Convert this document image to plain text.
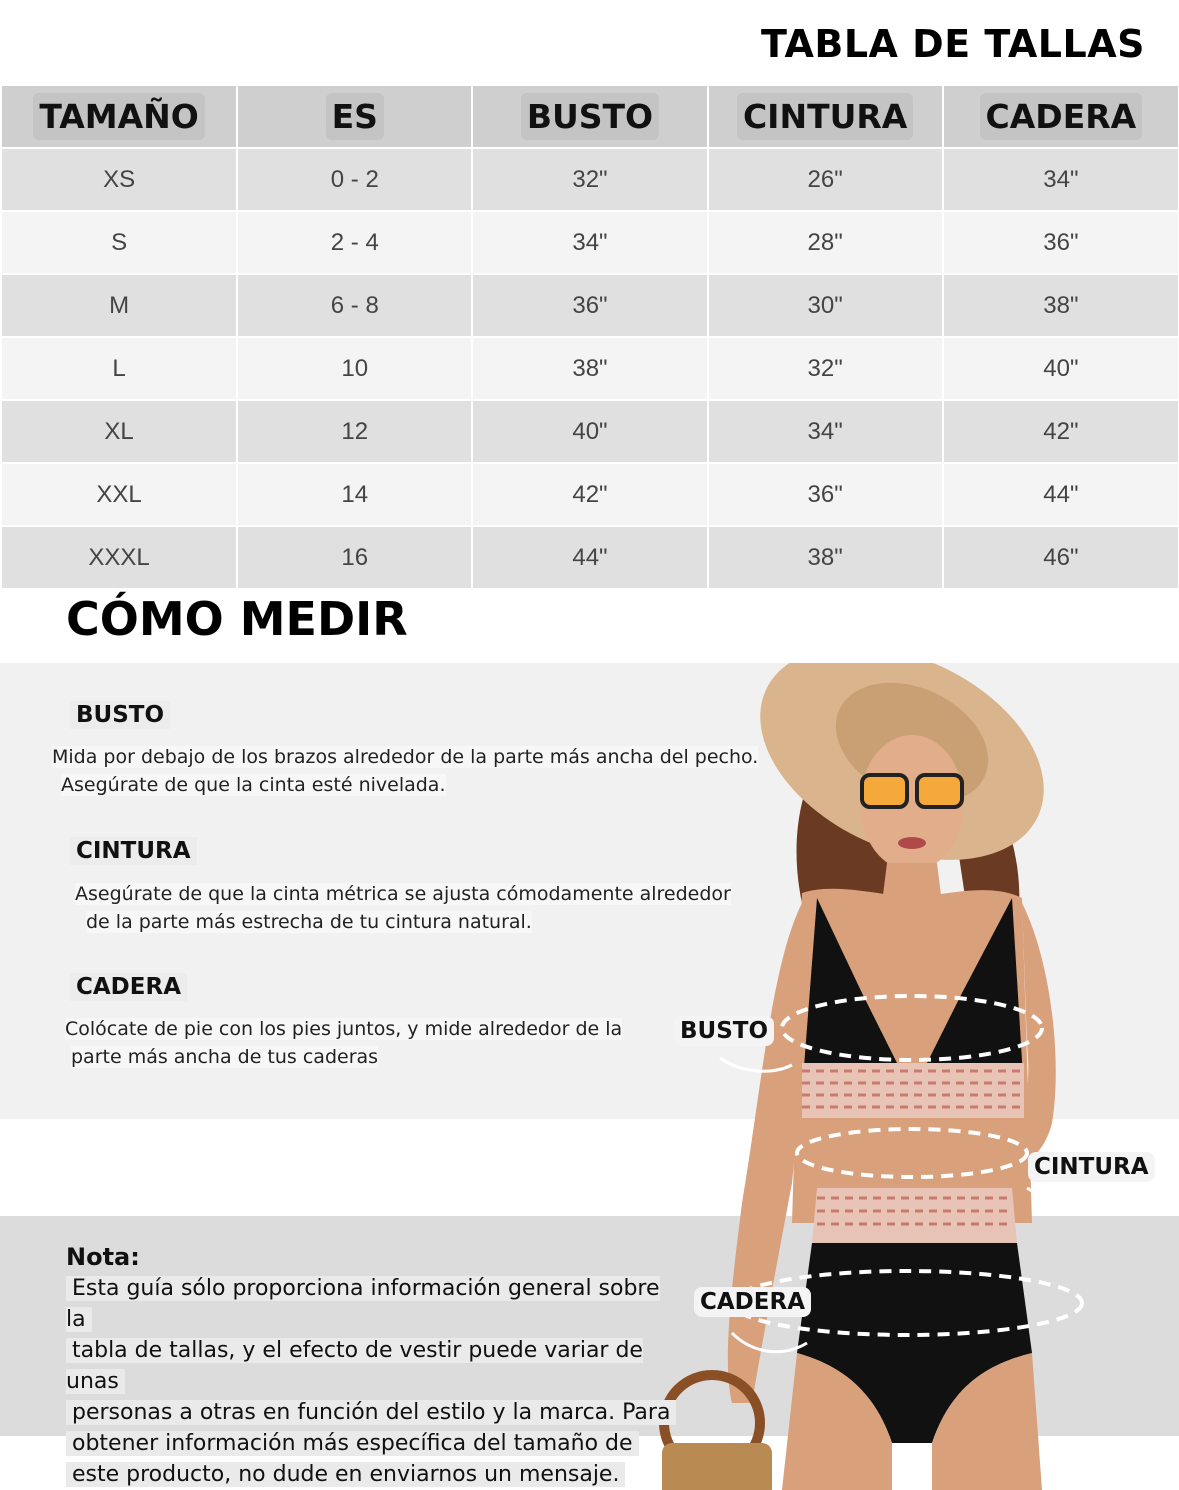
TABLA DE TALLAS
TAMAÑO	ES	BUSTO	CINTURA	CADERA
XS	0 - 2	32"	26"	34"
S	2 - 4	34"	28"	36"
M	6 - 8	36"	30"	38"
L	10	38"	32"	40"
XL	12	40"	34"	42"
XXL	14	42"	36"	44"
XXXL	16	44"	38"	46"
CÓMO MEDIR
BUSTO
Mida por debajo de los brazos alrededor de la parte más ancha del pecho.
Asegúrate de que la cinta esté nivelada.
CINTURA
Asegúrate de que la cinta métrica se ajusta cómodamente alrededor
de la parte más estrecha de tu cintura natural.
CADERA
Colócate de pie con los pies juntos, y mide alrededor de la
parte más ancha de tus caderas
Nota:
Esta guía sólo proporciona información general sobre la
tabla de tallas, y el efecto de vestir puede variar de unas
personas a otras en función del estilo y la marca. Para
obtener información más específica del tamaño de
este producto, no dude en enviarnos un mensaje.
BUSTO
CINTURA
CADERA
